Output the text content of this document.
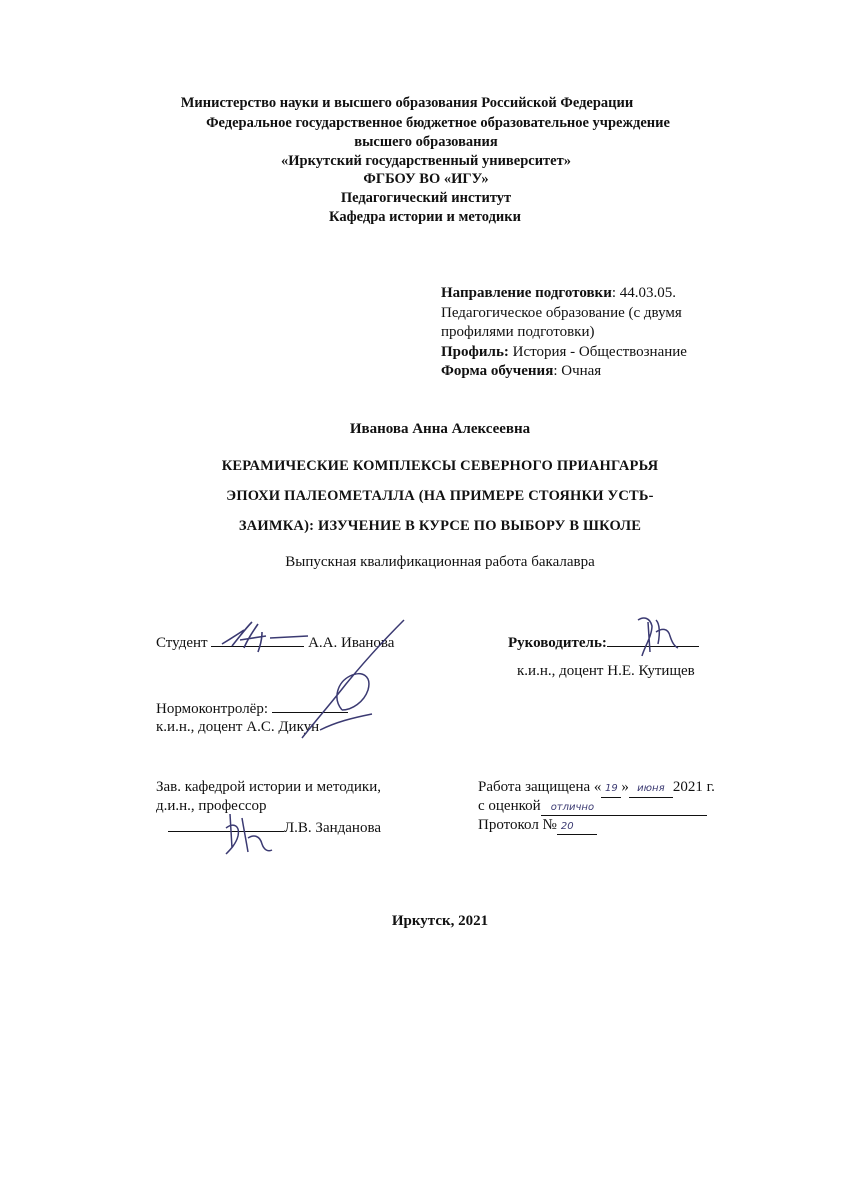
Министерство науки и высшего образования Российской Федерации
Федеральное государственное бюджетное образовательное учреждение
высшего образования
«Иркутский государственный университет»
ФГБОУ ВО «ИГУ»
Педагогический институт
Кафедра истории и методики
Направление подготовки: 44.03.05.
Педагогическое образование (с двумя
профилями подготовки)
Профиль: История - Обществознание
Форма обучения: Очная
Иванова Анна Алексеевна
КЕРАМИЧЕСКИЕ КОМПЛЕКСЫ СЕВЕРНОГО ПРИАНГАРЬЯ
ЭПОХИ ПАЛЕОМЕТАЛЛА (НА ПРИМЕРЕ СТОЯНКИ УСТЬ-
ЗАИМКА): ИЗУЧЕНИЕ В КУРСЕ ПО ВЫБОРУ В ШКОЛЕ
Выпускная квалификационная работа бакалавра
Студент	А.А. Иванова	Руководитель:
к.и.н., доцент Н.Е. Кутищев
Нормоконтролёр:
к.и.н., доцент А.С. Дикун
Зав. кафедрой истории и методики,
д.и.н., профессор
Л.В. Занданова
Работа защищена « 19 » июня 2021 г.
с оценкой отлично
Протокол № 20
Иркутск, 2021
